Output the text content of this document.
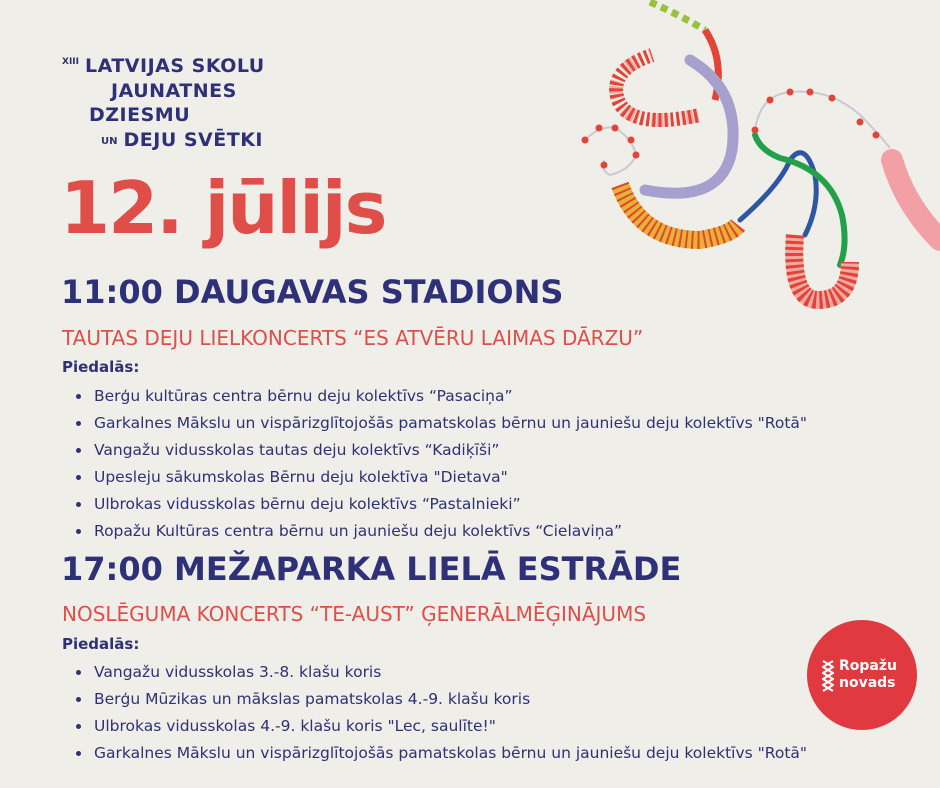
$^{XIII}$ LATVIJAS SKOLU
JAUNATNES
DZIESMU
UN DEJU SVĒTKI
12. jūlijs
11:00 DAUGAVAS STADIONS
TAUTAS DEJU LIELKONCERTS “ES ATVĒRU LAIMAS DĀRZU”
Piedalās:
Berģu kultūras centra bērnu deju kolektīvs “Pasaciņa”
Garkalnes Mākslu un vispārizglītojošās pamatskolas bērnu un jauniešu deju kolektīvs "Rotā"
Vangažu vidusskolas tautas deju kolektīvs “Kadiķīši”
Upesleju sākumskolas Bērnu deju kolektīva "Dietava"
Ulbrokas vidusskolas bērnu deju kolektīvs “Pastalnieki”
Ropažu Kultūras centra bērnu un jauniešu deju kolektīvs “Cielaviņa”
17:00 MEŽAPARKA LIELĀ ESTRĀDE
NOSLĒGUMA KONCERTS “TE-AUST” ĢENERĀLMĒĢINĀJUMS
Piedalās:
Vangažu vidusskolas 3.-8. klašu koris
Berģu Mūzikas un mākslas pamatskolas 4.-9. klašu koris
Ulbrokas vidusskolas 4.-9. klašu koris "Lec, saulīte!"
Garkalnes Mākslu un vispārizglītojošās pamatskolas bērnu un jauniešu deju kolektīvs "Rotā"
Ropažu
novads
